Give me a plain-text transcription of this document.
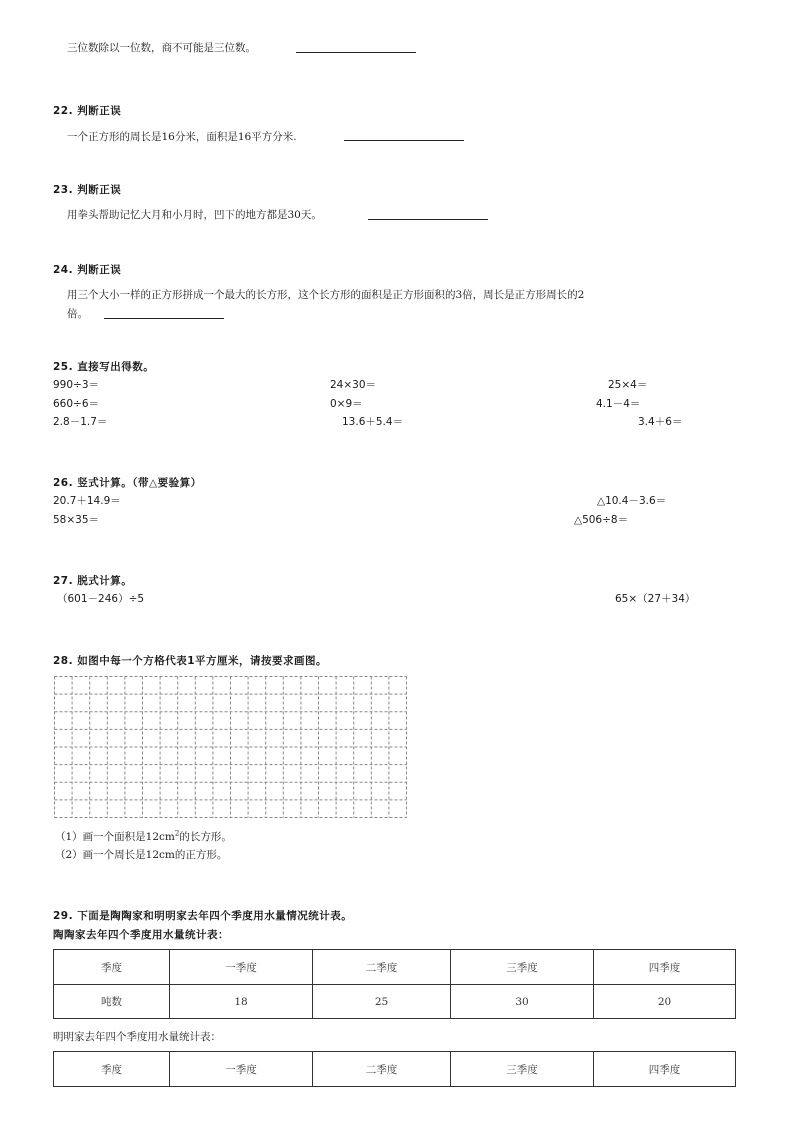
三位数除以一位数，商不可能是三位数。
22. 判断正误
一个正方形的周长是16分米，面积是16平方分米.
23. 判断正误
用拳头帮助记忆大月和小月时，凹下的地方都是30天。
24. 判断正误
用三个大小一样的正方形拼成一个最大的长方形，这个长方形的面积是正方形面积的3倍，周长是正方形周长的2
倍。
25. 直接写出得数。
990÷3＝	24×30＝	25×4＝
660÷6＝	0×9＝	4.1－4＝
2.8－1.7＝	13.6＋5.4＝	3.4＋6＝
26. 竖式计算。（带△要验算）
20.7＋14.9＝	△10.4－3.6＝
58×35＝	△506÷8＝
27. 脱式计算。
（601－246）÷5	65×（27＋34）
28. 如图中每一个方格代表1平方厘米，请按要求画图。
（1）画一个面积是$12cm^2$的长方形。
（2）画一个周长是12cm的正方形。
29. 下面是陶陶家和明明家去年四个季度用水量情况统计表。
陶陶家去年四个季度用水量统计表：
季度	一季度	二季度	三季度	四季度
吨数	18	25	30	20
明明家去年四个季度用水量统计表：
季度	一季度	二季度	三季度	四季度
